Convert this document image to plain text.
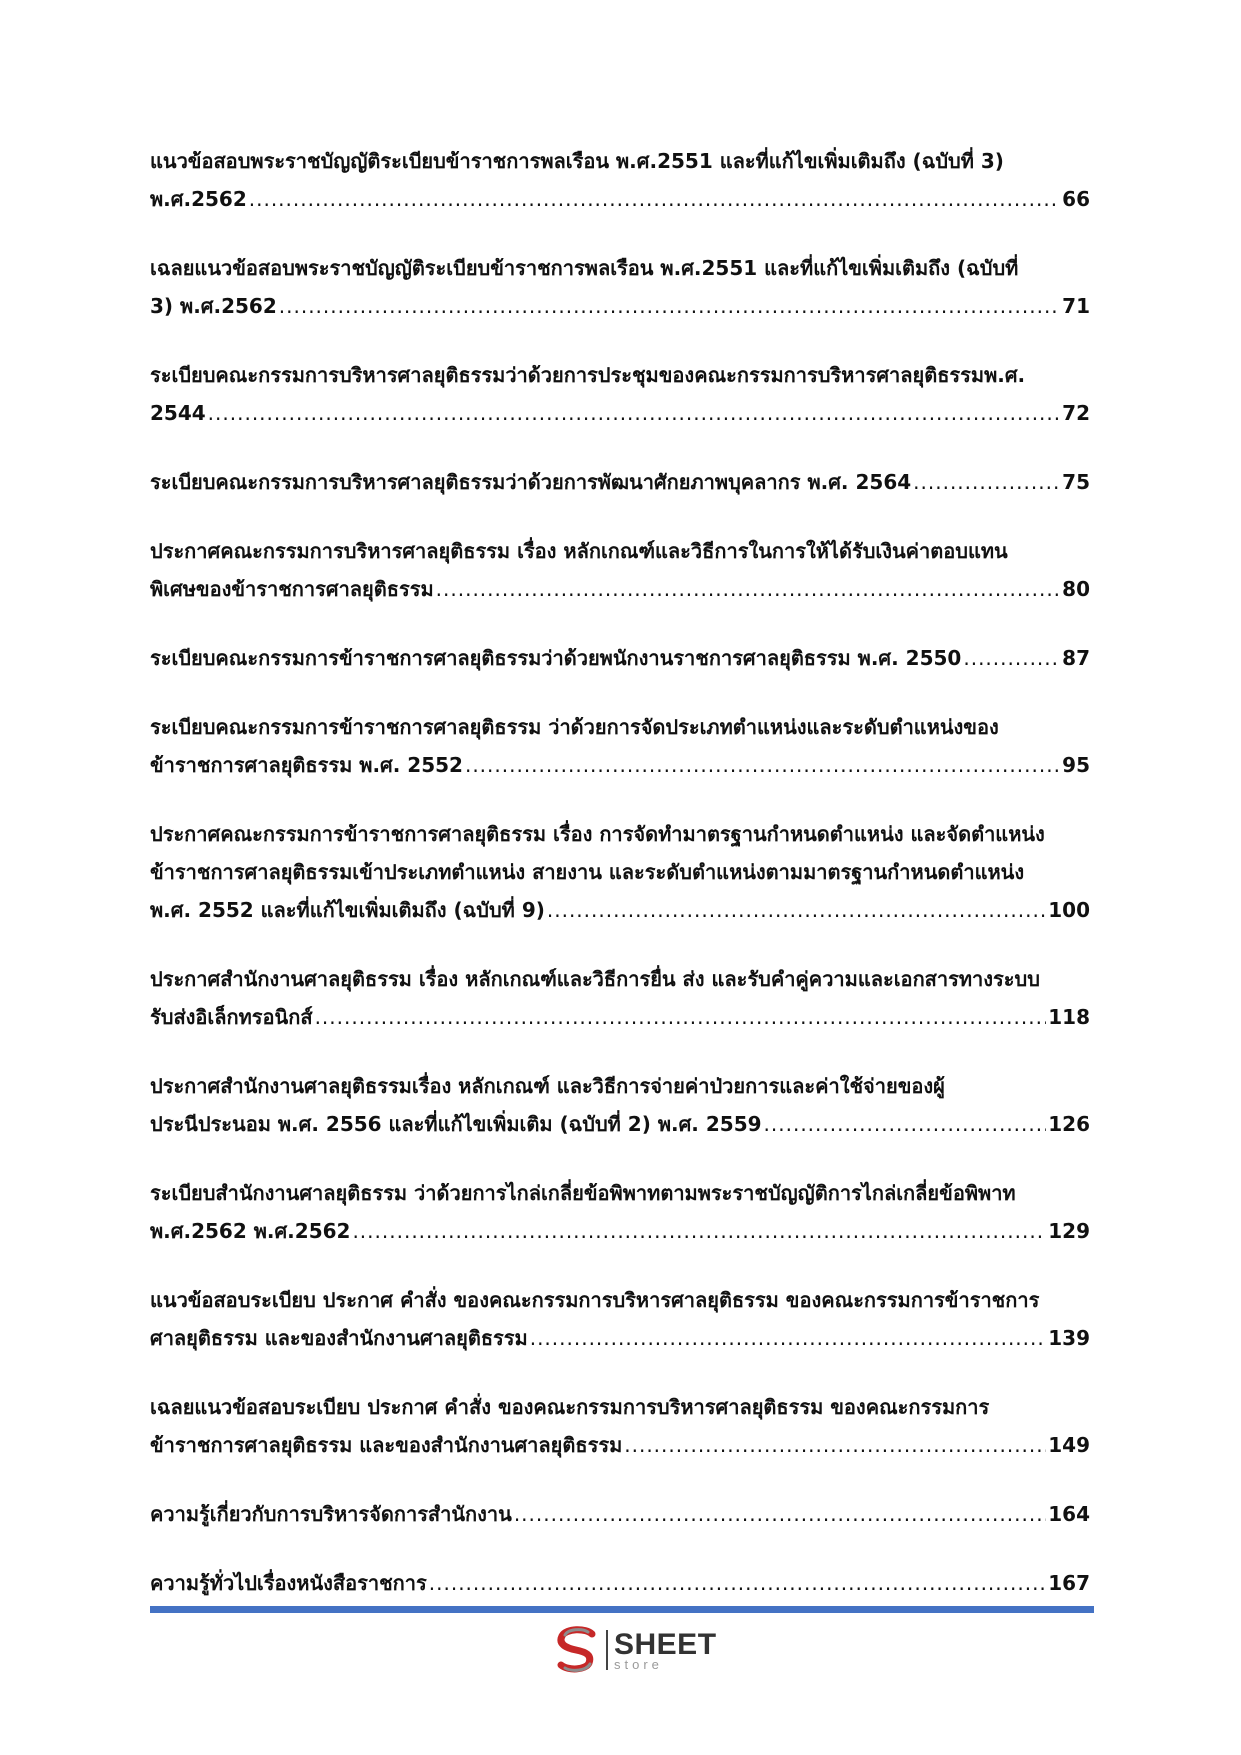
แนวข้อสอบพระราชบัญญัติระเบียบข้าราชการพลเรือน พ.ศ.2551 และที่แก้ไขเพิ่มเติมถึง (ฉบับที่ 3)
พ.ศ.2562 .....	66
เฉลยแนวข้อสอบพระราชบัญญัติระเบียบข้าราชการพลเรือน พ.ศ.2551 และที่แก้ไขเพิ่มเติมถึง (ฉบับที่
3) พ.ศ.2562 .....	71
ระเบียบคณะกรรมการบริหารศาลยุติธรรมว่าด้วยการประชุมของคณะกรรมการบริหารศาลยุติธรรมพ.ศ.
2544 .....	72
ระเบียบคณะกรรมการบริหารศาลยุติธรรมว่าด้วยการพัฒนาศักยภาพบุคลากร พ.ศ. 2564 .....	75
ประกาศคณะกรรมการบริหารศาลยุติธรรม เรื่อง หลักเกณฑ์และวิธีการในการให้ได้รับเงินค่าตอบแทน
พิเศษของข้าราชการศาลยุติธรรม .....	80
ระเบียบคณะกรรมการข้าราชการศาลยุติธรรมว่าด้วยพนักงานราชการศาลยุติธรรม พ.ศ. 2550 .....	87
ระเบียบคณะกรรมการข้าราชการศาลยุติธรรม ว่าด้วยการจัดประเภทตำแหน่งและระดับตำแหน่งของ
ข้าราชการศาลยุติธรรม พ.ศ. 2552 .....	95
ประกาศคณะกรรมการข้าราชการศาลยุติธรรม เรื่อง การจัดทำมาตรฐานกำหนดตำแหน่ง และจัดตำแหน่ง
ข้าราชการศาลยุติธรรมเข้าประเภทตำแหน่ง สายงาน และระดับตำแหน่งตามมาตรฐานกำหนดตำแหน่ง
พ.ศ. 2552 และที่แก้ไขเพิ่มเติมถึง (ฉบับที่ 9) .....	100
ประกาศสำนักงานศาลยุติธรรม เรื่อง หลักเกณฑ์และวิธีการยื่น ส่ง และรับคำคู่ความและเอกสารทางระบบ
รับส่งอิเล็กทรอนิกส์ .....	118
ประกาศสำนักงานศาลยุติธรรมเรื่อง หลักเกณฑ์ และวิธีการจ่ายค่าป่วยการและค่าใช้จ่ายของผู้
ประนีประนอม พ.ศ. 2556 และที่แก้ไขเพิ่มเติม (ฉบับที่ 2) พ.ศ. 2559 .....	126
ระเบียบสำนักงานศาลยุติธรรม ว่าด้วยการไกล่เกลี่ยข้อพิพาทตามพระราชบัญญัติการไกล่เกลี่ยข้อพิพาท
พ.ศ.2562 พ.ศ.2562 .....	129
แนวข้อสอบระเบียบ ประกาศ คำสั่ง ของคณะกรรมการบริหารศาลยุติธรรม ของคณะกรรมการข้าราชการ
ศาลยุติธรรม และของสำนักงานศาลยุติธรรม .....	139
เฉลยแนวข้อสอบระเบียบ ประกาศ คำสั่ง ของคณะกรรมการบริหารศาลยุติธรรม ของคณะกรรมการ
ข้าราชการศาลยุติธรรม และของสำนักงานศาลยุติธรรม .....	149
ความรู้เกี่ยวกับการบริหารจัดการสำนักงาน .....	164
ความรู้ทั่วไปเรื่องหนังสือราชการ .....	167
SHEET
store
